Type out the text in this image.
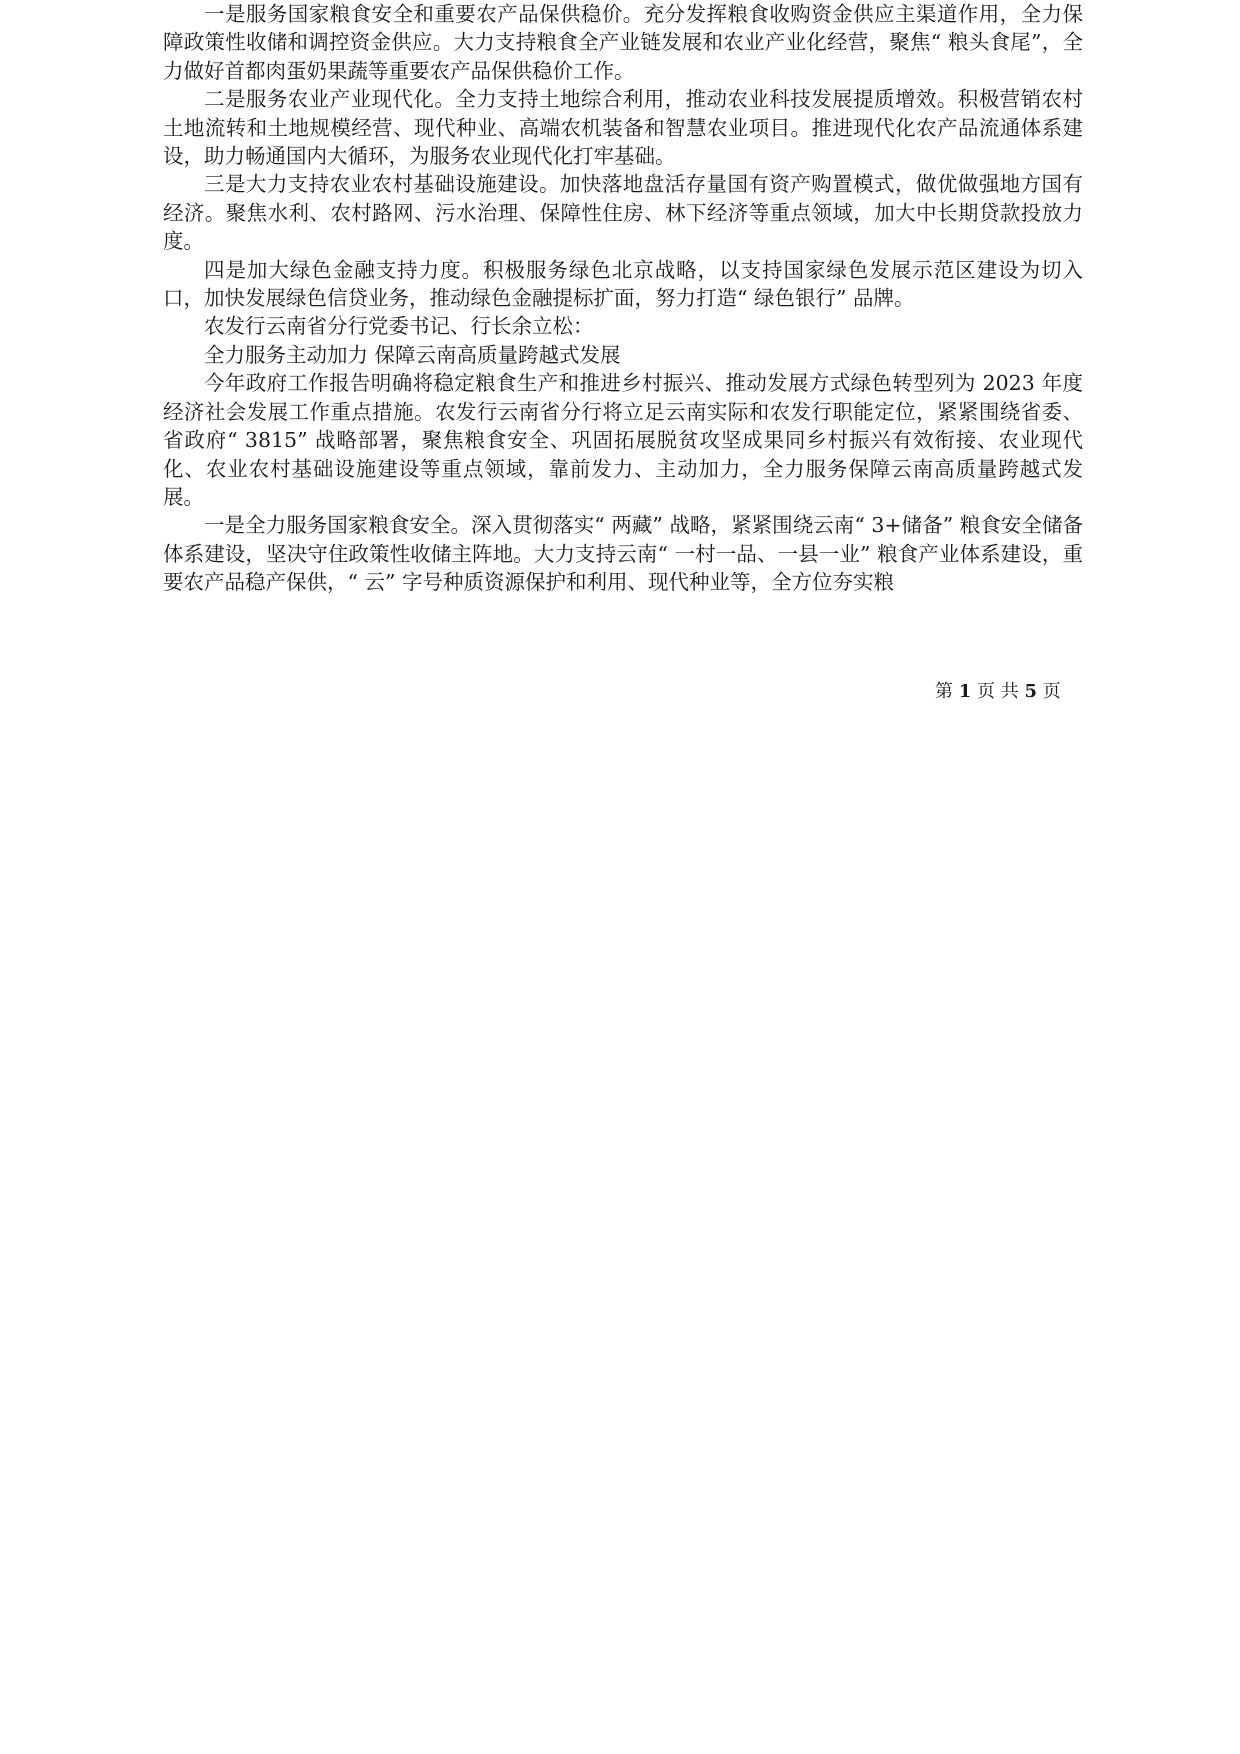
一是服务国家粮食安全和重要农产品保供稳价。充分发挥粮食收购资金供应主渠道作用，全力保障政策性收储和调控资金供应。大力支持粮食全产业链发展和农业产业化经营，聚焦“ 粮头食尾”，全力做好首都肉蛋奶果蔬等重要农产品保供稳价工作。

二是服务农业产业现代化。全力支持土地综合利用，推动农业科技发展提质增效。积极营销农村土地流转和土地规模经营、现代种业、高端农机装备和智慧农业项目。推进现代化农产品流通体系建设，助力畅通国内大循环，为服务农业现代化打牢基础。

三是大力支持农业农村基础设施建设。加快落地盘活存量国有资产购置模式，做优做强地方国有经济。聚焦水利、农村路网、污水治理、保障性住房、林下经济等重点领域，加大中长期贷款投放力度。

四是加大绿色金融支持力度。积极服务绿色北京战略，以支持国家绿色发展示范区建设为切入口，加快发展绿色信贷业务，推动绿色金融提标扩面，努力打造“ 绿色银行” 品牌。

农发行云南省分行党委书记、行长余立松：

全力服务主动加力 保障云南高质量跨越式发展

今年政府工作报告明确将稳定粮食生产和推进乡村振兴、推动发展方式绿色转型列为 2023 年度经济社会发展工作重点措施。农发行云南省分行将立足云南实际和农发行职能定位，紧紧围绕省委、省政府“ 3815” 战略部署，聚焦粮食安全、巩固拓展脱贫攻坚成果同乡村振兴有效衔接、农业现代化、农业农村基础设施建设等重点领域，靠前发力、主动加力，全力服务保障云南高质量跨越式发展。

一是全力服务国家粮食安全。深入贯彻落实“ 两藏” 战略，紧紧围绕云南“ 3+储备” 粮食安全储备体系建设，坚决守住政策性收储主阵地。大力支持云南“ 一村一品、一县一业” 粮食产业体系建设，重要农产品稳产保供，“ 云” 字号种质资源保护和利用、现代种业等，全方位夯实粮

第 1 页 共 5 页
